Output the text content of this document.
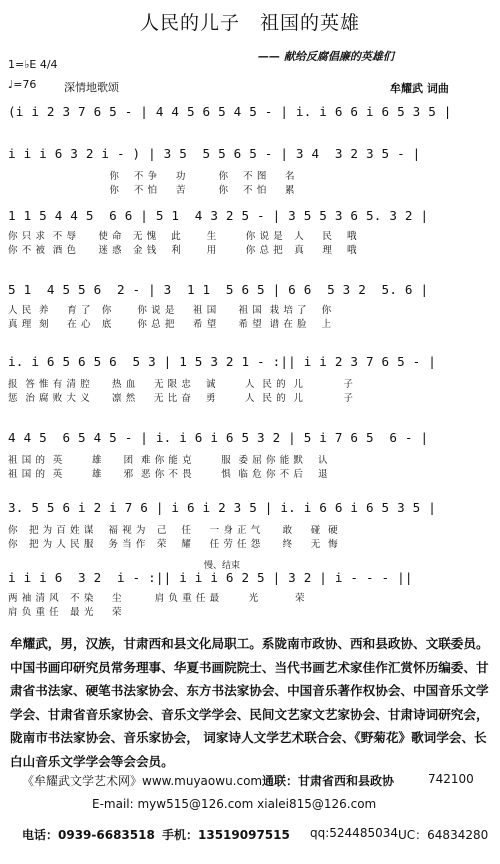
人民的儿子　祖国的英雄
—— 献给反腐倡廉的英雄们
1=♭E 4/4
♩=76	深情地歌颂	牟耀武 词曲
(i i 2 3 7 6 5 - | 4 4 5 6 5 4 5 - | i. i 6 6 i 6 5 3 5 |
i i i 6 3 2 i - ) | 3 5  5 5 6 5 - | 3 4  3 2 3 5 - |
你    不 争     功         你    不 图     名
你    不 怕     苦         你    不 怕     累
1 1 5 4 4 5  6 6 | 5 1  4 3 2 5 - | 3 5 5 3 6 5. 3 2 |
你 只 求  不 辱      使 命   无 愧    此       生        你 说 是   人     民    哦
你 不 被  酒 色      迷 惑   金 钱    利       用        你 总 把   真     理    哦
5 1  4 5 5 6  2 - | 3  1 1  5 6 5 | 6 6  5 3 2  5. 6 |
人 民  养     育 了   你       你 说 是     祖 国      祖 国  栽 培 了    你
真 理  刻     在 心   底       你 总 把     希 望      希 望  谱 在 脸    上
i. i 6 5 6 5 6  5 3 | 1 5 3 2 1 - :|| i i 2 3 7 6 5 - |
报  答 惟 有 清 腔      热 血     无 限 忠    诚        人  民 的  儿           子
惩  治 腐 败 大 义      凛 然     无 比 奋    勇        人  民 的  儿           子
4 4 5  6 5 4 5 - | i. i 6 i 6 5 3 2 | 5 i 7 6 5  6 - |
祖 国 的  英        雄      团  难 你 能 克        服  委 屈 你 能 默    认
祖 国 的  英        雄      邪  恶 你 不 畏        惧  临 危 你 不 后    退
3. 5 5 6 i 2 i 7 6 | i 6 i 2 3 5 | i. i 6 6 i 6 5 3 5 |
你   把 为 百 姓 谋    福 视 为   己    任     一 身 正 气      敢     碰  硬
你   把 为 人 民 服    务 当 作   荣    耀     任 劳 任 怨      终     无  悔
慢、结束
i i i 6  3 2  i - :|| i i i 6 2 5 | 3 2 | i - - - ||
两 袖 清 风   不 染     尘         肩 负 重 任 最        光          荣
肩 负 重 任   最 光     荣
牟耀武，男，汉族，甘肃西和县文化局职工。系陇南市政协、西和县政协、文联委员。中国书画印研究员常务理事、华夏书画院院士、当代书画艺术家佳作汇赏怀历编委、甘肃省书法家、硬笔书法家协会、东方书法家协会、中国音乐著作权协会、中国音乐文学学会、甘肃省音乐家协会、音乐文学学会、民间文艺家文艺家协会、甘肃诗词研究会，陇南市书法家协会、音乐家协会， 词家诗人文学艺术联合会、《野菊花》歌词学会、长白山音乐文学学会等会会员。
《牟耀武文学艺术网》www.muyaowu.com 通联：甘肃省西和县政协	742100
E-mail: myw515@126.com xialei815@126.com
电话：0939-6683518 手机：13519097515 qq:524485034 UC：64834280
